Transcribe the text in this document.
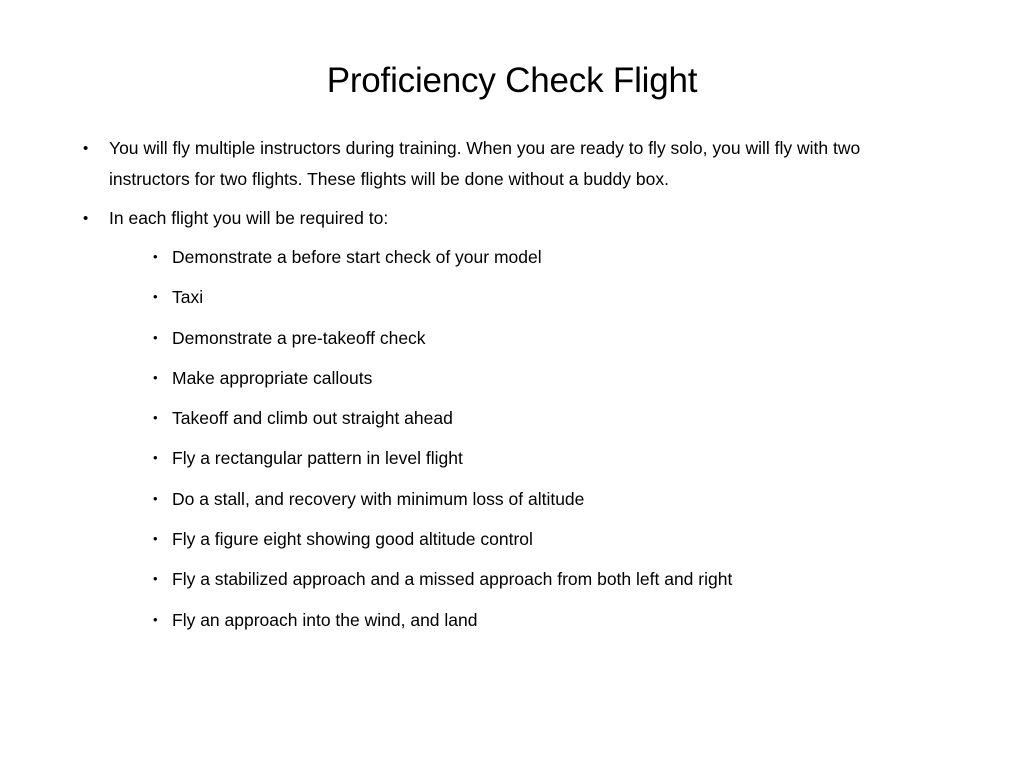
Proficiency Check Flight
• You will fly multiple instructors during training. When you are ready to fly solo, you will fly with two instructors for two flights. These flights will be done without a buddy box.
• In each flight you will be required to:
• Demonstrate a before start check of your model
• Taxi
• Demonstrate a pre-takeoff check
• Make appropriate callouts
• Takeoff and climb out straight ahead
• Fly a rectangular pattern in level flight
• Do a stall, and recovery with minimum loss of altitude
• Fly a figure eight showing good altitude control
• Fly a stabilized approach and a missed approach from both left and right
• Fly an approach into the wind, and land
